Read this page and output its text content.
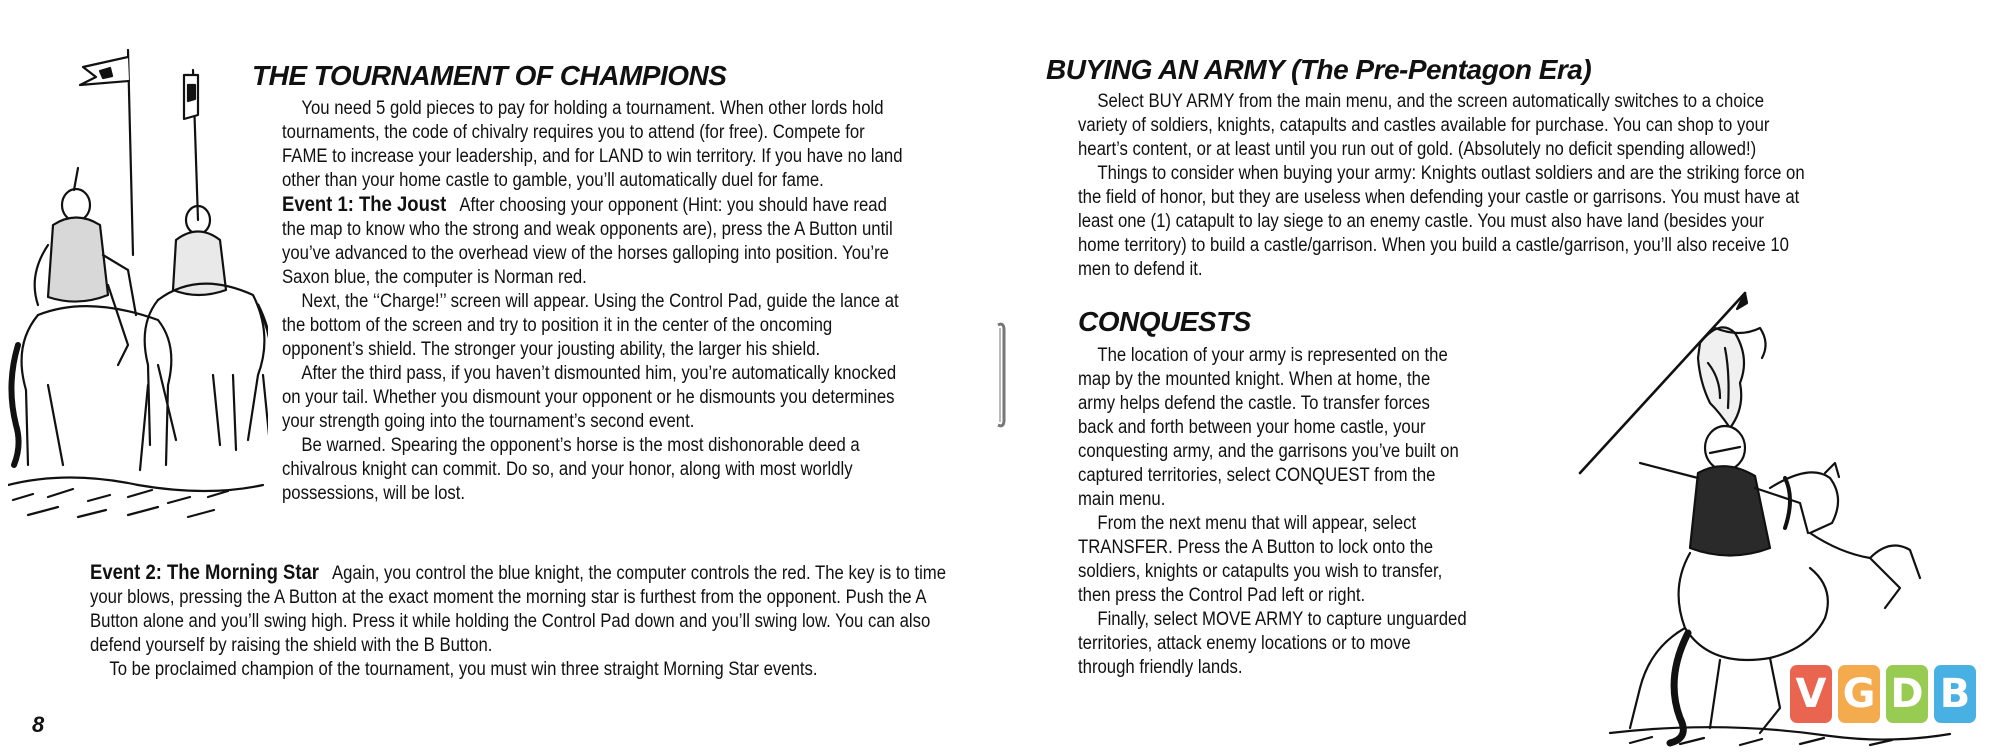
THE TOURNAMENT OF CHAMPIONS

You need 5 gold pieces to pay for holding a tournament. When other lords hold tournaments, the code of chivalry requires you to attend (for free). Compete for FAME to increase your leadership, and for LAND to win territory. If you have no land other than your home castle to gamble, you’ll automatically duel for fame.

Event 1: The Joust After choosing your opponent (Hint: you should have read the map to know who the strong and weak opponents are), press the A Button until you’ve advanced to the overhead view of the horses galloping into position. You’re Saxon blue, the computer is Norman red.

Next, the ‘‘Charge!’’ screen will appear. Using the Control Pad, guide the lance at the bottom of the screen and try to position it in the center of the oncoming opponent’s shield. The stronger your jousting ability, the larger his shield.

After the third pass, if you haven’t dismounted him, you’re automatically knocked on your tail. Whether you dismount your opponent or he dismounts you determines your strength going into the tournament’s second event.

Be warned. Spearing the opponent’s horse is the most dishonorable deed a chivalrous knight can commit. Do so, and your honor, along with most worldly possessions, will be lost.

Event 2: The Morning Star Again, you control the blue knight, the computer controls the red. The key is to time your blows, pressing the A Button at the exact moment the morning star is furthest from the opponent. Push the A Button alone and you’ll swing high. Press it while holding the Control Pad down and you’ll swing low. You can also defend yourself by raising the shield with the B Button.

To be proclaimed champion of the tournament, you must win three straight Morning Star events.

8
BUYING AN ARMY (The Pre-Pentagon Era)

Select BUY ARMY from the main menu, and the screen automatically switches to a choice variety of soldiers, knights, catapults and castles available for purchase. You can shop to your heart’s content, or at least until you run out of gold. (Absolutely no deficit spending allowed!)

Things to consider when buying your army: Knights outlast soldiers and are the striking force on the field of honor, but they are useless when defending your castle or garrisons. You must have at least one (1) catapult to lay siege to an enemy castle. You must also have land (besides your home territory) to build a castle/garrison. When you build a castle/garrison, you’ll also receive 10 men to defend it.

CONQUESTS

The location of your army is represented on the map by the mounted knight. When at home, the army helps defend the castle. To transfer forces back and forth between your home castle, your conquesting army, and the garrisons you’ve built on captured territories, select CONQUEST from the main menu.

From the next menu that will appear, select TRANSFER. Press the A Button to lock onto the soldiers, knights or catapults you wish to transfer, then press the Control Pad left or right.

Finally, select MOVE ARMY to capture unguarded territories, attack enemy locations or to move through friendly lands.

V G D B
